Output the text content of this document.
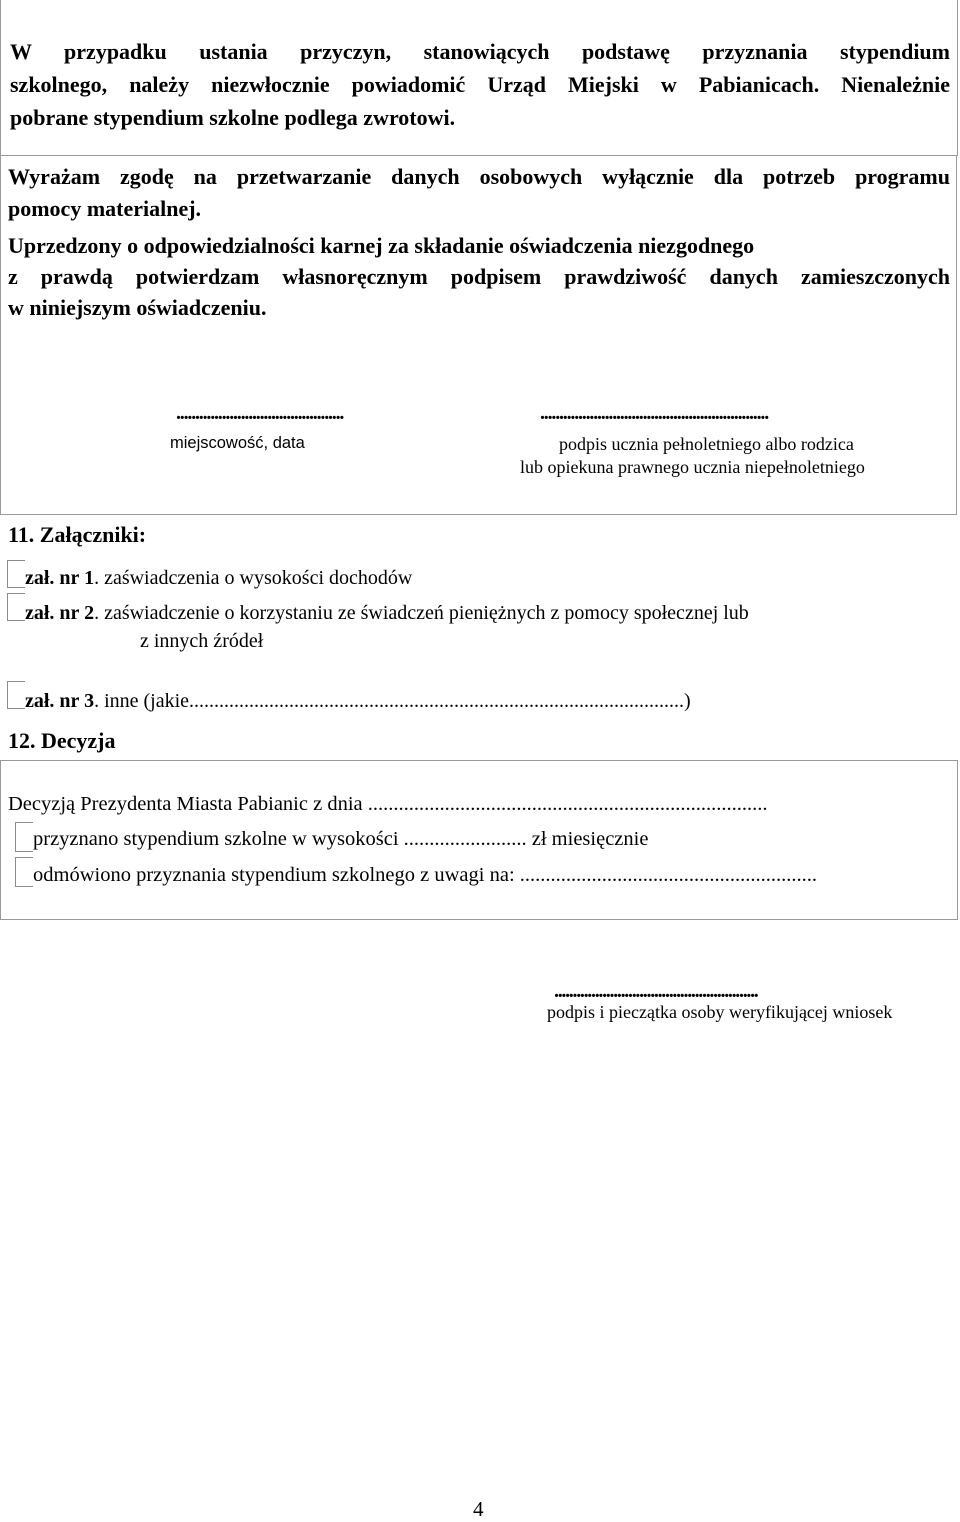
W przypadku ustania przyczyn, stanowiących podstawę przyznania stypendium
szkolnego, należy niezwłocznie powiadomić Urząd Miejski w Pabianicach. Nienależnie
pobrane stypendium szkolne podlega zwrotowi.
Wyrażam zgodę na przetwarzanie danych osobowych wyłącznie dla potrzeb programu
pomocy materialnej.
Uprzedzony o odpowiedzialności karnej za składanie oświadczenia niezgodnego
z prawdą potwierdzam własnoręcznym podpisem prawdziwość danych zamieszczonych
w niniejszym oświadczeniu.
............................................
miejscowość, data
............................................................
podpis ucznia pełnoletniego albo rodzica
lub opiekuna prawnego ucznia niepełnoletniego
11. Załączniki:
zał. nr 1. zaświadczenia o wysokości dochodów
zał. nr 2. zaświadczenie o korzystaniu ze świadczeń pieniężnych z pomocy społecznej lub
z innych źródeł
zał. nr 3. inne (jakie...................................................................................................)
12. Decyzja
Decyzją Prezydenta Miasta Pabianic z dnia ..............................................................................
przyznano stypendium szkolne w wysokości ........................ zł miesięcznie
odmówiono przyznania stypendium szkolnego z uwagi na: ..........................................................
.......................................................
podpis i pieczątka osoby weryfikującej wniosek
4
